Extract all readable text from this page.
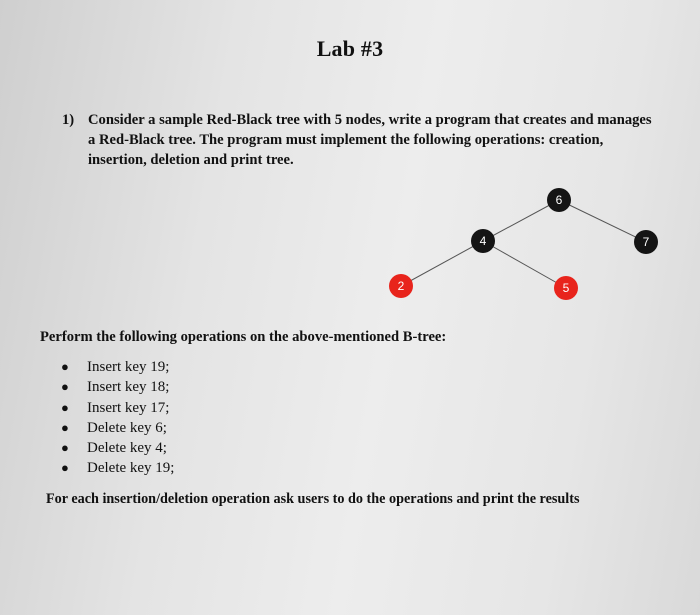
Lab #3
1) Consider a sample Red-Black tree with 5 nodes, write a program that creates and manages a Red-Black tree. The program must implement the following operations: creation, insertion, deletion and print tree.
6
4	7
2	5
Perform the following operations on the above-mentioned B-tree:
● Insert key 19;
● Insert key 18;
● Insert key 17;
● Delete key 6;
● Delete key 4;
● Delete key 19;
For each insertion/deletion operation ask users to do the operations and print the results
